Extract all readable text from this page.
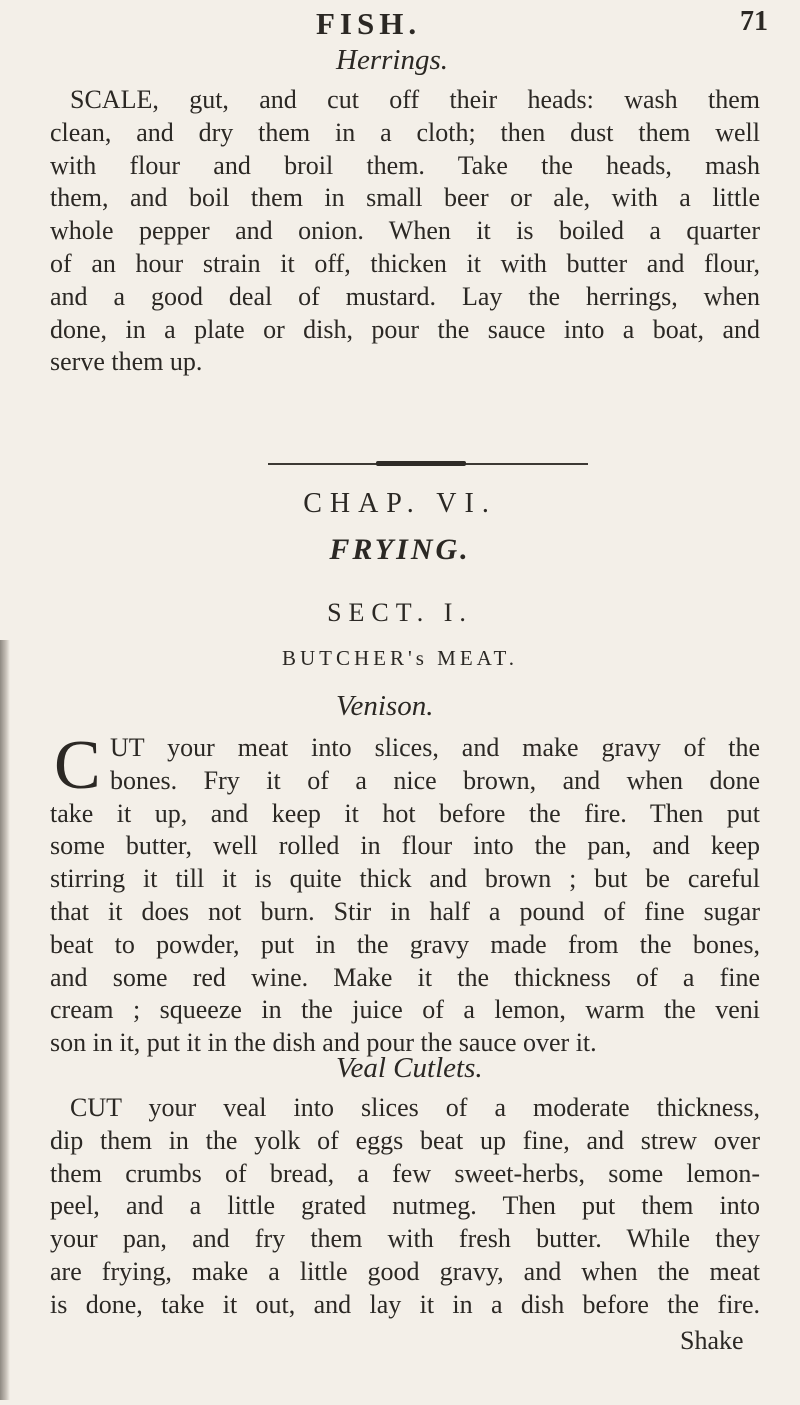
FISH.	71
Herrings.
SCALE, gut, and cut off their heads: wash them
clean, and dry them in a cloth; then dust them well
with flour and broil them. Take the heads, mash
them, and boil them in small beer or ale, with a little
whole pepper and onion. When it is boiled a quarter
of an hour strain it off, thicken it with butter and flour,
and a good deal of mustard. Lay the herrings, when
done, in a plate or dish, pour the sauce into a boat, and
serve them up.
CHAP. VI.
FRYING.
SECT. I.
BUTCHER's MEAT.
Venison.
C UT your meat into slices, and make gravy of the
bones. Fry it of a nice brown, and when done
take it up, and keep it hot before the fire. Then put
some butter, well rolled in flour into the pan, and keep
stirring it till it is quite thick and brown ; but be careful
that it does not burn. Stir in half a pound of fine sugar
beat to powder, put in the gravy made from the bones,
and some red wine. Make it the thickness of a fine
cream ; squeeze in the juice of a lemon, warm the veni
son in it, put it in the dish and pour the sauce over it.
Veal Cutlets.
CUT your veal into slices of a moderate thickness,
dip them in the yolk of eggs beat up fine, and strew over
them crumbs of bread, a few sweet-herbs, some lemon-
peel, and a little grated nutmeg. Then put them into
your pan, and fry them with fresh butter. While they
are frying, make a little good gravy, and when the meat
is done, take it out, and lay it in a dish before the fire.
Shake
